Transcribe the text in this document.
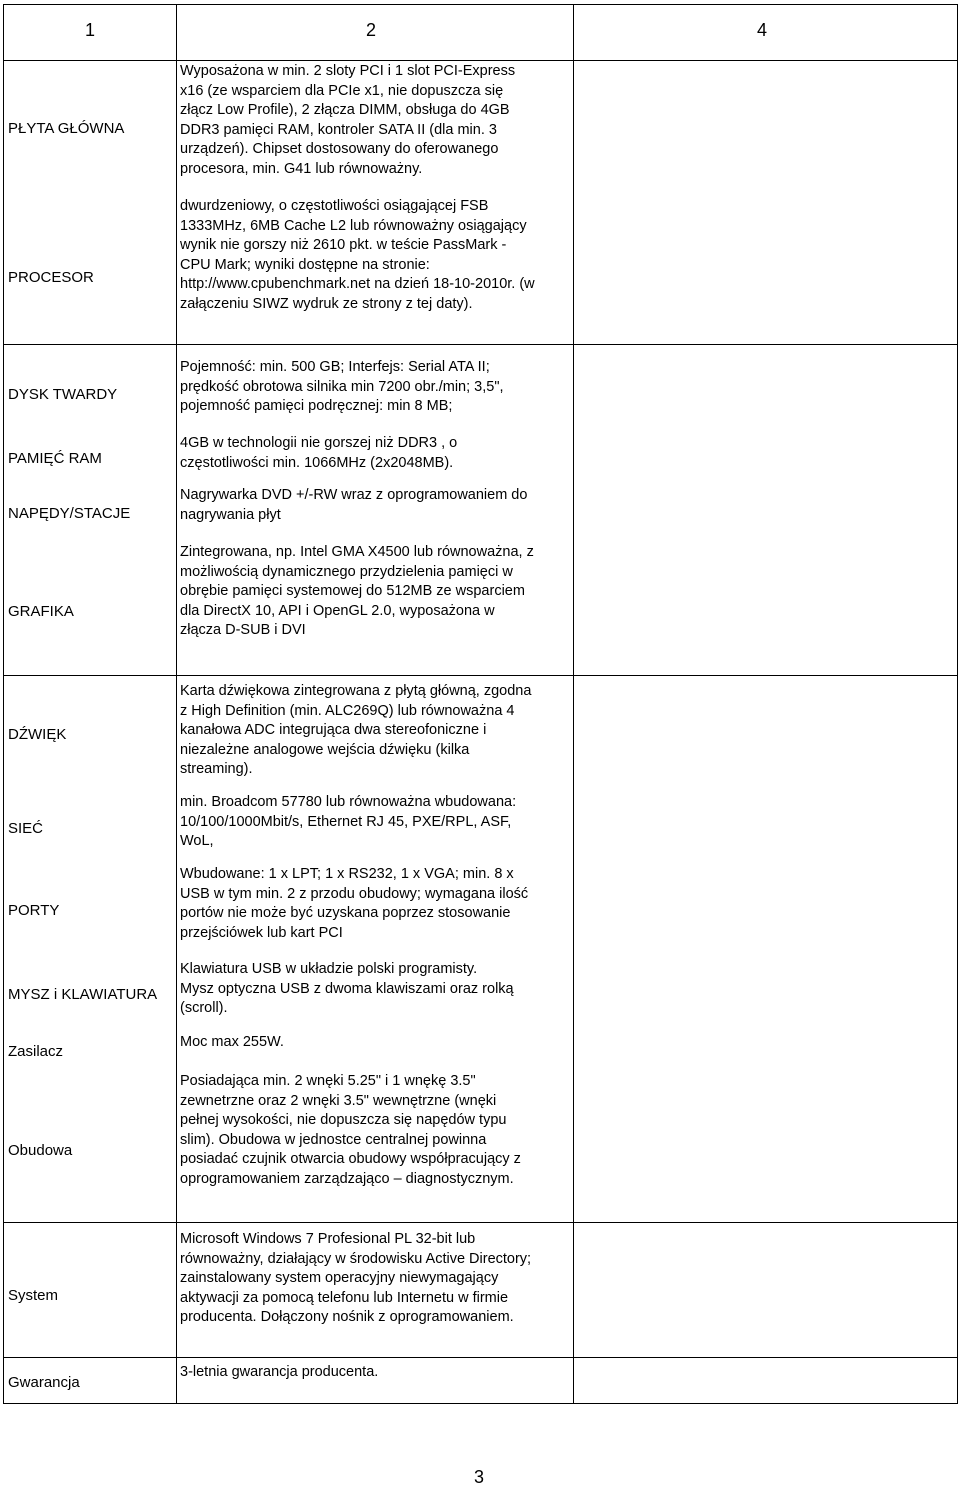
1	2	4
PŁYTA GŁÓWNA
Wyposażona w min. 2 sloty PCI i 1 slot PCI-Express
x16 (ze wsparciem dla PCIe x1, nie dopuszcza się
złącz Low Profile), 2 złącza DIMM, obsługa do 4GB
DDR3 pamięci RAM, kontroler SATA II (dla min. 3
urządzeń). Chipset dostosowany do oferowanego
procesora, min. G41 lub równoważny.
PROCESOR
dwurdzeniowy, o częstotliwości osiągającej FSB
1333MHz, 6MB Cache L2 lub równoważny osiągający
wynik nie gorszy niż 2610 pkt. w teście PassMark -
CPU Mark; wyniki dostępne na stronie:
http://www.cpubenchmark.net na dzień 18-10-2010r. (w
załączeniu SIWZ wydruk ze strony z tej daty).
DYSK TWARDY
Pojemność: min. 500 GB; Interfejs: Serial ATA II;
prędkość obrotowa silnika min 7200 obr./min; 3,5",
pojemność pamięci podręcznej: min 8 MB;
PAMIĘĆ RAM
4GB w technologii nie gorszej niż DDR3 , o
częstotliwości min. 1066MHz (2x2048MB).
NAPĘDY/STACJE
Nagrywarka DVD +/-RW wraz z oprogramowaniem do
nagrywania płyt
GRAFIKA
Zintegrowana, np. Intel GMA X4500 lub równoważna, z
możliwością dynamicznego przydzielenia pamięci w
obrębie pamięci systemowej do 512MB ze wsparciem
dla DirectX 10, API i OpenGL 2.0, wyposażona w
złącza D-SUB i DVI
DŹWIĘK
Karta dźwiękowa zintegrowana z płytą główną, zgodna
z High Definition (min. ALC269Q) lub równoważna 4
kanałowa ADC integrująca dwa stereofoniczne i
niezależne analogowe wejścia dźwięku (kilka
streaming).
SIEĆ
min. Broadcom 57780 lub równoważna wbudowana:
10/100/1000Mbit/s, Ethernet RJ 45, PXE/RPL, ASF,
WoL,
PORTY
Wbudowane: 1 x LPT; 1 x RS232, 1 x VGA; min. 8 x
USB w tym min. 2 z przodu obudowy; wymagana ilość
portów nie może być uzyskana poprzez stosowanie
przejściówek lub kart PCI
MYSZ i KLAWIATURA
Klawiatura USB w układzie polski programisty.
Mysz optyczna USB z dwoma klawiszami oraz rolką
(scroll).
Zasilacz
Moc max 255W.
Obudowa
Posiadająca min. 2 wnęki 5.25" i 1 wnękę 3.5"
zewnetrzne oraz 2 wnęki 3.5" wewnętrzne (wnęki
pełnej wysokości, nie dopuszcza się napędów typu
slim). Obudowa w jednostce centralnej powinna
posiadać czujnik otwarcia obudowy współpracujący z
oprogramowaniem zarządzająco – diagnostycznym.
System
Microsoft Windows 7 Profesional PL 32-bit lub
równoważny, działający w środowisku Active Directory;
zainstalowany system operacyjny niewymagający
aktywacji za pomocą telefonu lub Internetu w firmie
producenta. Dołączony nośnik z oprogramowaniem.
Gwarancja
3-letnia gwarancja producenta.
3
